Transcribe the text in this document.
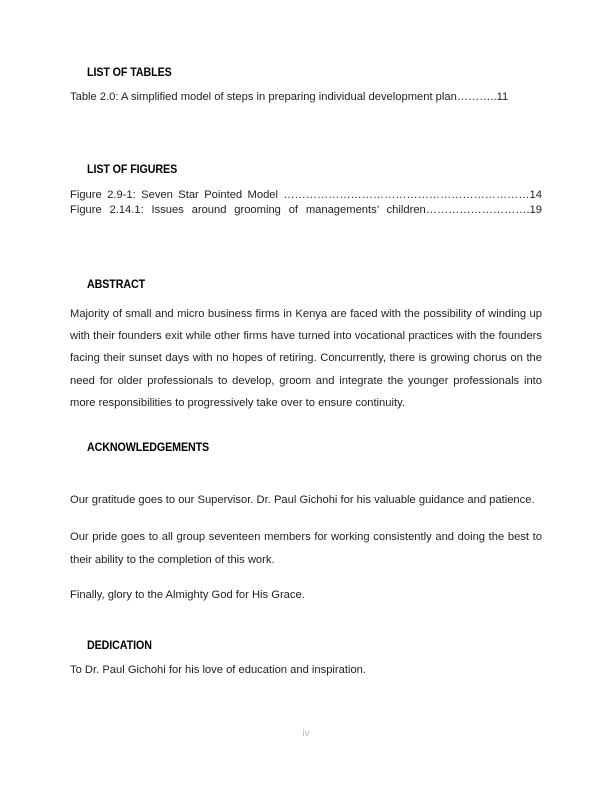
LIST OF TABLES

Table 2.0: A simplified model of steps in preparing individual development plan………..11

LIST OF FIGURES

Figure 2.9-1: Seven Star Pointed Model …………………………………………………………14 Figure 2.14.1: Issues around grooming of managements’ children……………………….19

ABSTRACT

Majority of small and micro business firms in Kenya are faced with the possibility of winding up with their founders exit while other firms have turned into vocational practices with the founders facing their sunset days with no hopes of retiring. Concurrently, there is growing chorus on the need for older professionals to develop, groom and integrate the younger professionals into more responsibilities to progressively take over to ensure continuity.

ACKNOWLEDGEMENTS

Our gratitude goes to our Supervisor. Dr. Paul Gichohi for his valuable guidance and patience.

Our pride goes to all group seventeen members for working consistently and doing the best to their ability to the completion of this work.

Finally, glory to the Almighty God for His Grace.

DEDICATION

To Dr. Paul Gichohi for his love of education and inspiration.

iv
